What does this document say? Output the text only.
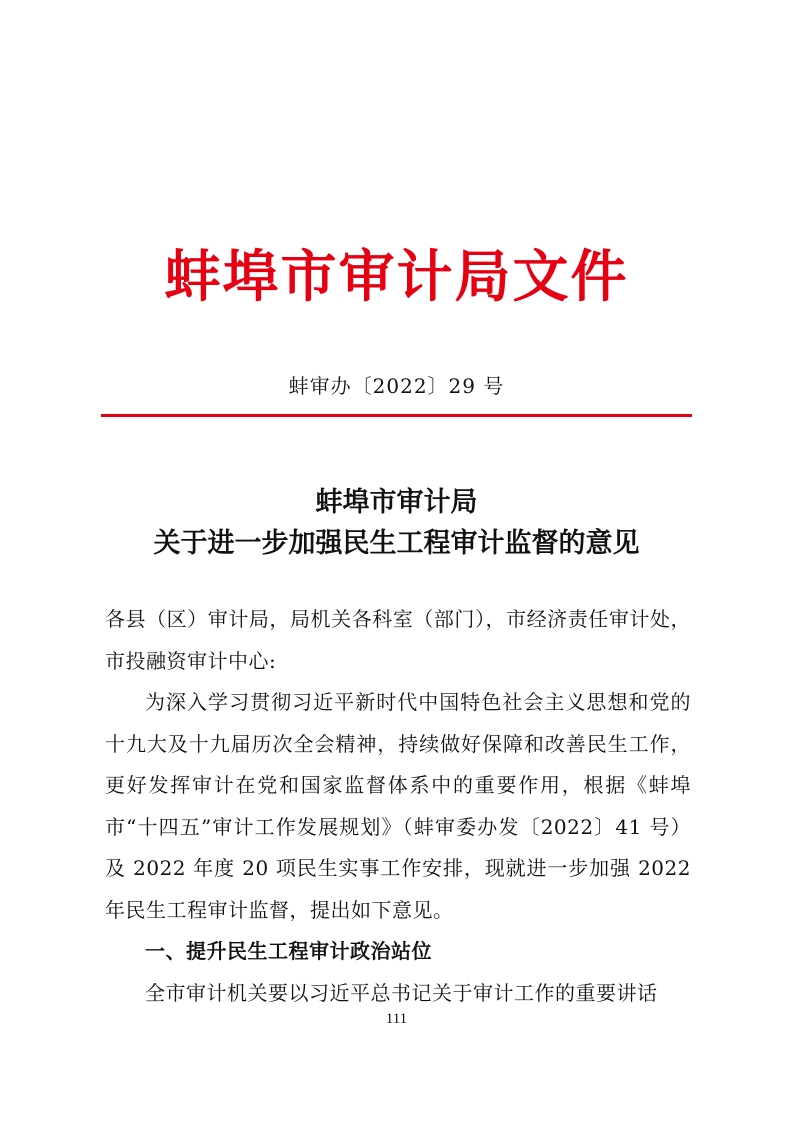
蚌埠市审计局文件
蚌审办〔2022〕29 号
蚌埠市审计局
关于进一步加强民生工程审计监督的意见

各县（区）审计局，局机关各科室（部门），市经济责任审计处，市投融资审计中心:

为深入学习贯彻习近平新时代中国特色社会主义思想和党的十九大及十九届历次全会精神，持续做好保障和改善民生工作，更好发挥审计在党和国家监督体系中的重要作用，根据《蚌埠市“十四五”审计工作发展规划》（蚌审委办发〔2022〕41 号）及 2022 年度 20 项民生实事工作安排，现就进一步加强 2022 年民生工程审计监督，提出如下意见。

一、提升民生工程审计政治站位

全市审计机关要以习近平总书记关于审计工作的重要讲话

111
